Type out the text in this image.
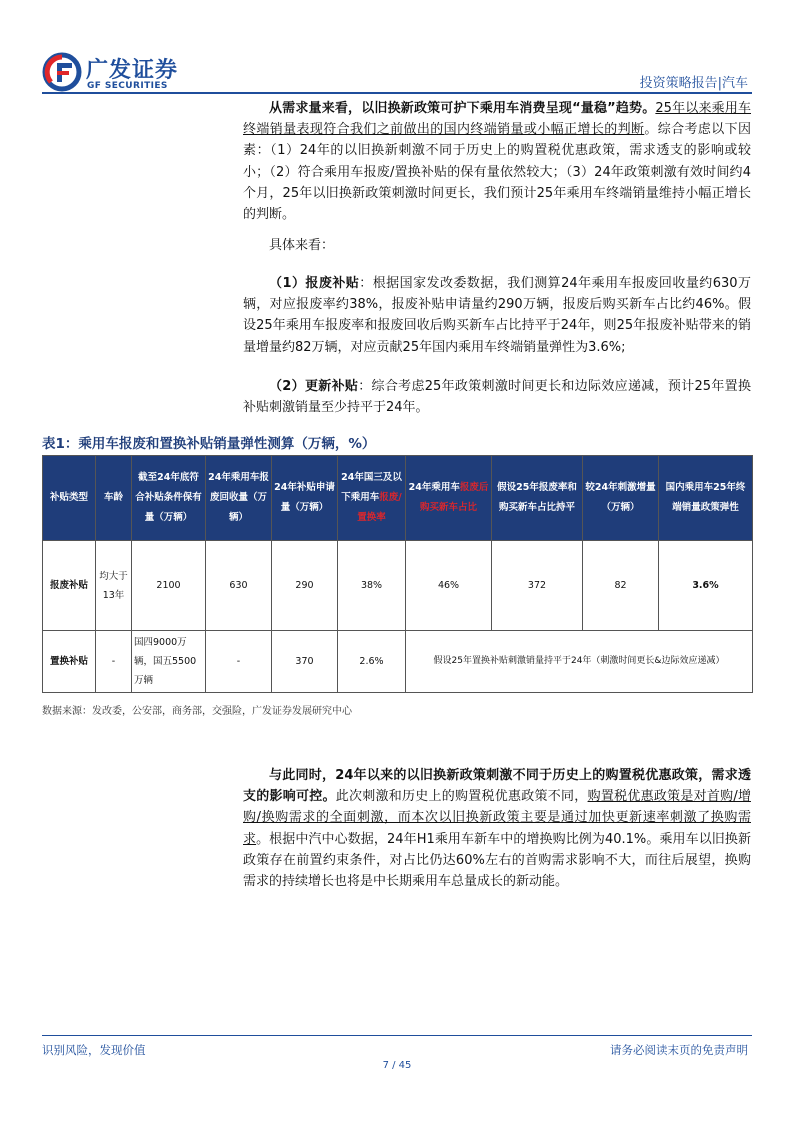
广发证券
GF SECURITIES	投资策略报告|汽车

从需求量来看，以旧换新政策可护下乘用车消费呈现“量稳”趋势。25年以来乘用车终端销量表现符合我们之前做出的国内终端销量或小幅正增长的判断。综合考虑以下因素：（1）24年的以旧换新刺激不同于历史上的购置税优惠政策，需求透支的影响或较小；（2）符合乘用车报废/置换补贴的保有量依然较大；（3）24年政策刺激有效时间约4个月，25年以旧换新政策刺激时间更长，我们预计25年乘用车终端销量维持小幅正增长的判断。

具体来看：

（1）报废补贴：根据国家发改委数据，我们测算24年乘用车报废回收量约630万辆，对应报废率约38%，报废补贴申请量约290万辆，报废后购买新车占比约46%。假设25年乘用车报废率和报废回收后购买新车占比持平于24年，则25年报废补贴带来的销量增量约82万辆，对应贡献25年国内乘用车终端销量弹性为3.6%;

（2）更新补贴：综合考虑25年政策刺激时间更长和边际效应递减，预计25年置换补贴刺激销量至少持平于24年。

表1：乘用车报废和置换补贴销量弹性测算（万辆，%）
补贴类型	车龄	截至24年底符合补贴条件保有量（万辆）	24年乘用车报废回收量（万辆）	24年补贴申请量（万辆）	24年国三及以下乘用车报废/置换率	24年乘用车报废后购买新车占比	假设25年报废率和购买新车占比持平	较24年刺激增量（万辆）	国内乘用车25年终端销量政策弹性
报废补贴	均大于13年	2100	630	290	38%	46%	372	82	3.6%
置换补贴	-	国四9000万辆，国五5500万辆	-	370	2.6%	假设25年置换补贴刺激销量持平于24年（刺激时间更长&边际效应递减）			
数据来源：发改委，公安部，商务部，交强险，广发证券发展研究中心

与此同时，24年以来的以旧换新政策刺激不同于历史上的购置税优惠政策，需求透支的影响可控。此次刺激和历史上的购置税优惠政策不同，购置税优惠政策是对首购/增购/换购需求的全面刺激，而本次以旧换新政策主要是通过加快更新速率刺激了换购需求。根据中汽中心数据，24年H1乘用车新车中的增换购比例为40.1%。乘用车以旧换新政策存在前置约束条件，对占比仍达60%左右的首购需求影响不大，而往后展望，换购需求的持续增长也将是中长期乘用车总量成长的新动能。

识别风险，发现价值	请务必阅读末页的免责声明
7 / 45
